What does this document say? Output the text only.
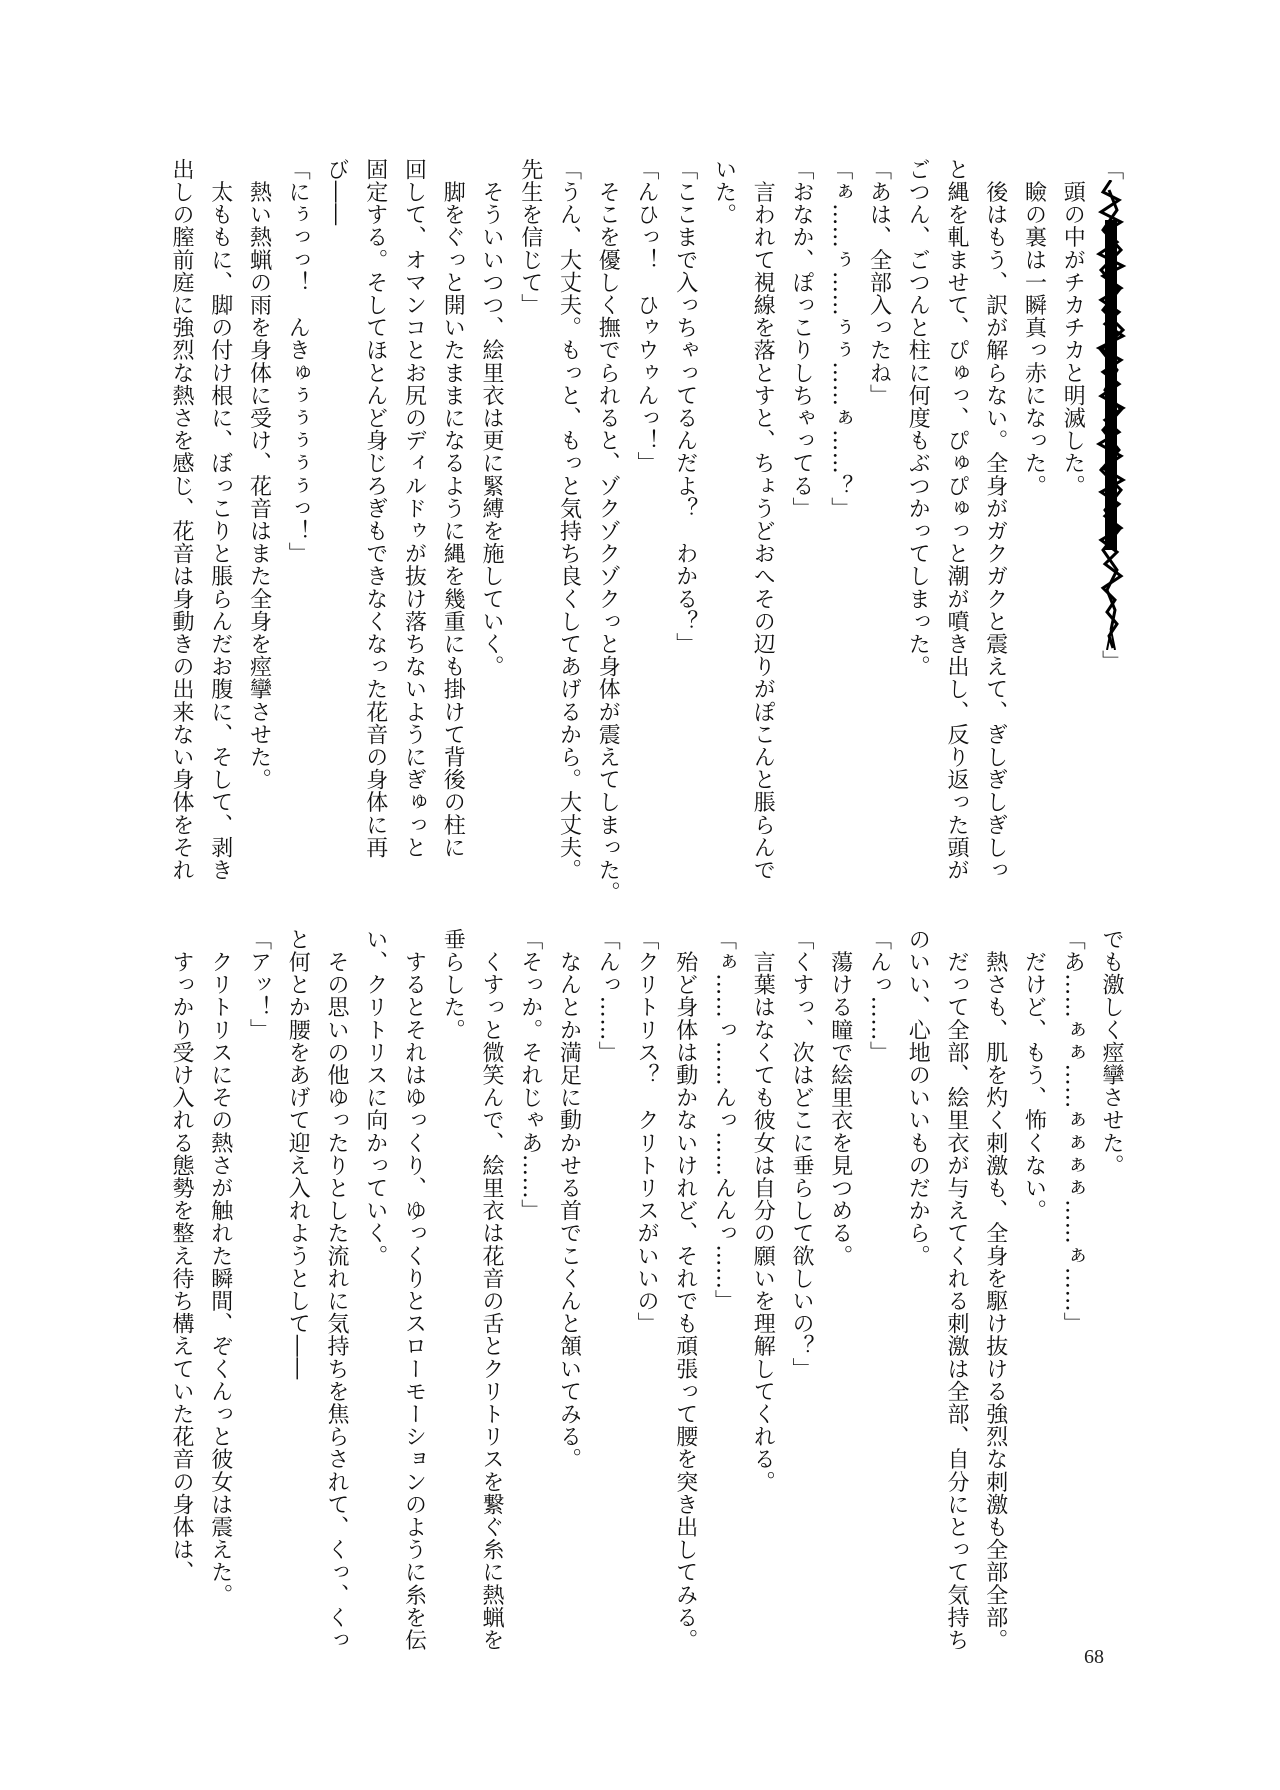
「
」
　頭の中がチカチカと明滅した。
　瞼の裏は一瞬真っ赤になった。
　後はもう、訳が解らない。全身がガクガクと震えて、ぎしぎしぎしっ
と縄を軋ませて、ぴゅっ、ぴゅぴゅっと潮が噴き出し、反り返った頭が
ごつん、ごつんと柱に何度もぶつかってしまった。
「あは、全部入ったね」
「ぁ……ぅ……ぅぅ……ぁ……？」
「おなか、ぽっこりしちゃってる」
　言われて視線を落とすと、ちょうどおへその辺りがぽこんと脹らんで
いた。
「ここまで入っちゃってるんだよ？　わかる？」
「んひっ！　ひゥウゥんっ！」
　そこを優しく撫でられると、ゾクゾクゾクっと身体が震えてしまった。
「うん、大丈夫。もっと、もっと気持ち良くしてあげるから。大丈夫。
先生を信じて」
　そういいつつ、絵里衣は更に緊縛を施していく。
　脚をぐっと開いたままになるように縄を幾重にも掛けて背後の柱に
回して、オマンコとお尻のディルドゥが抜け落ちないようにぎゅっと
固定する。そしてほとんど身じろぎもできなくなった花音の身体に再
び――
「にぅっっ！　んきゅぅぅぅぅぅっ！」
　熱い熱蝋の雨を身体に受け、花音はまた全身を痙攣させた。
　太ももに、脚の付け根に、ぼっこりと脹らんだお腹に、そして、剥き
出しの膣前庭に強烈な熱さを感じ、花音は身動きの出来ない身体をそれ
でも激しく痙攣させた。
「あ……ぁぁ……ぁぁぁぁ……ぁ……」
　だけど、もう、怖くない。
　熱さも、肌を灼く刺激も、全身を駆け抜ける強烈な刺激も全部全部。
　だって全部、絵里衣が与えてくれる刺激は全部、自分にとって気持ち
のいい、心地のいいものだから。
「んっ……」
　蕩ける瞳で絵里衣を見つめる。
「くすっ、次はどこに垂らして欲しいの？」
　言葉はなくても彼女は自分の願いを理解してくれる。
「ぁ……っ……んっ……んんっ……」
　殆ど身体は動かないけれど、それでも頑張って腰を突き出してみる。
「クリトリス？　クリトリスがいいの」
「んっ……」
　なんとか満足に動かせる首でこくんと頷いてみる。
「そっか。それじゃあ……」
　くすっと微笑んで、絵里衣は花音の舌とクリトリスを繋ぐ糸に熱蝋を
垂らした。
　するとそれはゆっくり、ゆっくりとスローモーションのように糸を伝
い、クリトリスに向かっていく。
　その思いの他ゆったりとした流れに気持ちを焦らされて、くっ、くっ
と何とか腰をあげて迎え入れようとして――
「アッ！」
　クリトリスにその熱さが触れた瞬間、ぞくんっと彼女は震えた。
　すっかり受け入れる態勢を整え待ち構えていた花音の身体は、
68
